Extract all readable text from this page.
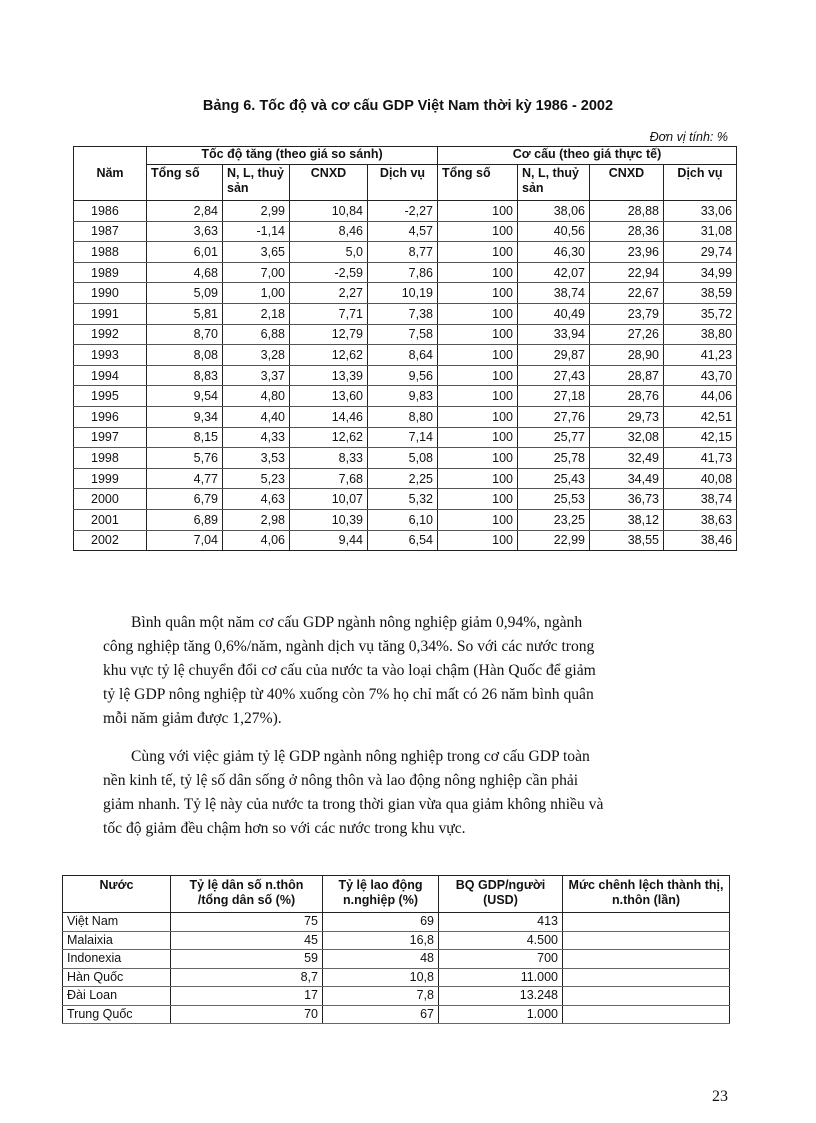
Bảng 6. Tốc độ và cơ cấu GDP Việt Nam thời kỳ 1986 - 2002
Đơn vị tính: %
Năm	Tốc độ tăng (theo giá so sánh)				Cơ cấu (theo giá thực tế)			
	Tổng số	N, L, thuỷ sản	CNXD	Dịch vụ	Tổng số	N, L, thuỷ sản	CNXD	Dịch vụ
1986	2,84	2,99	10,84	-2,27	100	38,06	28,88	33,06
1987	3,63	-1,14	8,46	4,57	100	40,56	28,36	31,08
1988	6,01	3,65	5,0	8,77	100	46,30	23,96	29,74
1989	4,68	7,00	-2,59	7,86	100	42,07	22,94	34,99
1990	5,09	1,00	2,27	10,19	100	38,74	22,67	38,59
1991	5,81	2,18	7,71	7,38	100	40,49	23,79	35,72
1992	8,70	6,88	12,79	7,58	100	33,94	27,26	38,80
1993	8,08	3,28	12,62	8,64	100	29,87	28,90	41,23
1994	8,83	3,37	13,39	9,56	100	27,43	28,87	43,70
1995	9,54	4,80	13,60	9,83	100	27,18	28,76	44,06
1996	9,34	4,40	14,46	8,80	100	27,76	29,73	42,51
1997	8,15	4,33	12,62	7,14	100	25,77	32,08	42,15
1998	5,76	3,53	8,33	5,08	100	25,78	32,49	41,73
1999	4,77	5,23	7,68	2,25	100	25,43	34,49	40,08
2000	6,79	4,63	10,07	5,32	100	25,53	36,73	38,74
2001	6,89	2,98	10,39	6,10	100	23,25	38,12	38,63
2002	7,04	4,06	9,44	6,54	100	22,99	38,55	38,46

Bình quân một năm cơ cấu GDP ngành nông nghiệp giảm 0,94%, ngành
công nghiệp tăng 0,6%/năm, ngành dịch vụ tăng 0,34%. So với các nước trong
khu vực tỷ lệ chuyển đổi cơ cấu của nước ta vào loại chậm (Hàn Quốc để giảm
tỷ lệ GDP nông nghiệp từ 40% xuống còn 7% họ chỉ mất có 26 năm bình quân
mỗi năm giảm được 1,27%).

Cùng với việc giảm tỷ lệ GDP ngành nông nghiệp trong cơ cấu GDP toàn
nền kinh tế, tỷ lệ số dân sống ở nông thôn và lao động nông nghiệp cần phải
giảm nhanh. Tỷ lệ này của nước ta trong thời gian vừa qua giảm không nhiều và
tốc độ giảm đều chậm hơn so với các nước trong khu vực.

Nước	Tỷ lệ dân số n.thôn /tổng dân số (%)	Tỷ lệ lao động n.nghiệp (%)	BQ GDP/người (USD)	Mức chênh lệch thành thị, n.thôn (lần)
Việt Nam	75	69	413	
Malaixia	45	16,8	4.500	
Indonexia	59	48	700	
Hàn Quốc	8,7	10,8	11.000	
Đài Loan	17	7,8	13.248	
Trung Quốc	70	67	1.000	
23
